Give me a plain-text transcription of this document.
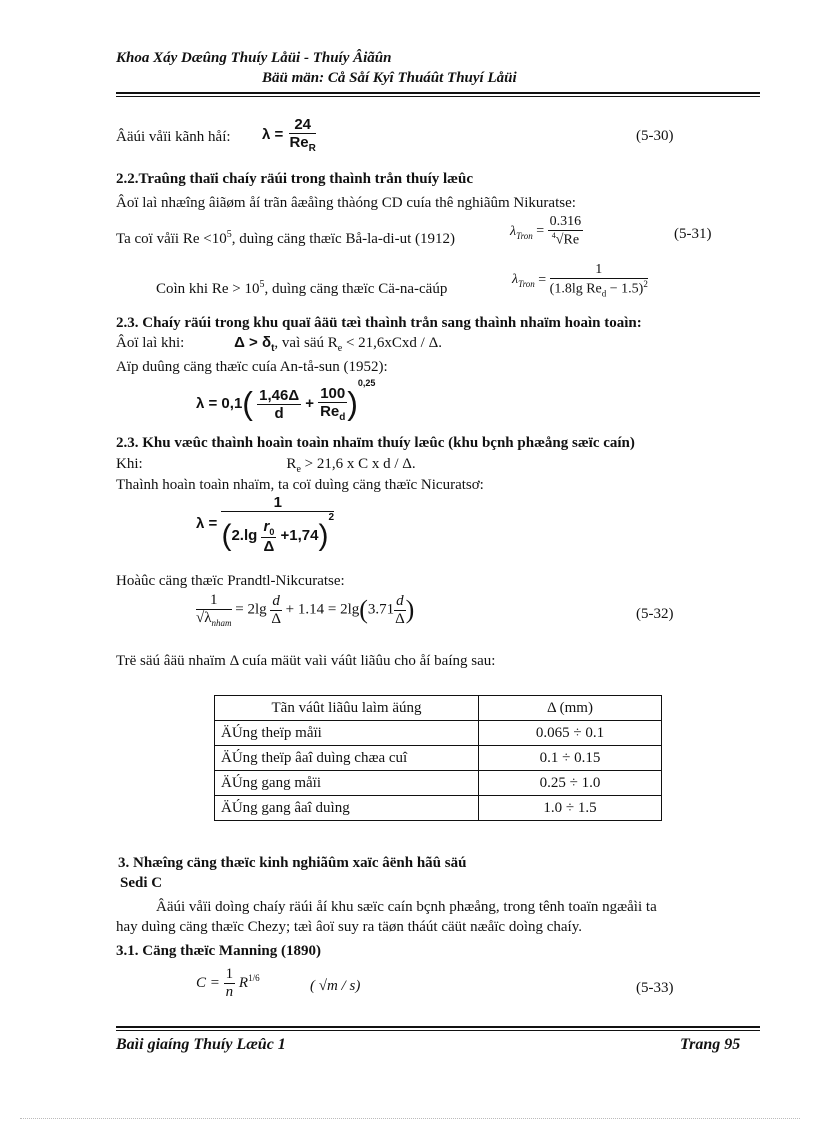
Khoa Xáy Dæûng Thuíy Låüi - Thuíy Âiãûn
Bäü män: Cå Såí Kyî Thuáût Thuyí Låüi
Âäúi våïi kãnh håí: $\lambda = \frac{24}{Re_R}$	(5-30)
2.2.Traûng thaïi chaíy räúi trong thaình trån thuíy læûc
Âoï laì nhæîng âiãøm åí trãn âæåìng thàóng CD cuía thê nghiãûm Nikuratse:
Ta coï våïi $Re <10^5$, duìng cäng thæïc Bå-la-di-ut (1912)	$\lambda_{Tron} = \frac{0.316}{^4√Re}$	(5-31)
Coìn khi $Re > 10^5$, duìng cäng thæïc Cä-na-cäúp
$\lambda_{Tron} = \frac{1}{(1.8\lg Re_d - 1.5)^2}$
2.3. Chaíy räúi trong khu quaï âäü tæì thaình trån sang thaình nhaïm hoaìn toaìn:
Âoï laì khi:	$\Delta > \delta_t$, vaì säú $R_e$ < 21,6xCxd / Δ.
Aïp duûng cäng thæïc cuía An-tå-sun (1952):
$\lambda = 0,1( \frac{1,46\Delta}{d} + \frac{100}{Re_d} )^{0,25}$
2.3. Khu væûc thaình hoaìn toaìn nhaïm thuíy læûc (khu bçnh phæång sæïc caín)
Khi:	$R_e > 21,6$ x C x d / Δ.
Thaình hoaìn toaìn nhaïm, ta coï duìng cäng thæïc Nicuratsơ:
$\lambda = \frac{1}{(2.\lg \frac{r_0}{\Delta} +1,74)^2}$
Hoàûc cäng thæïc Prandtl-Nikcuratse:
$\frac{1}{√\lambda_{nham}} = 2\lg \frac{d}{\Delta} + 1.14 = 2\lg(3.71 \frac{d}{\Delta}$ )	(5-32)
Trë säú âäü nhaïm Δ cuía mäüt vaìi váût liãûu cho åí baíng sau:
Tãn váût liãûu laìm äúng	Δ (mm)
ÄÚng theïp måïi	0.065 ÷ 0.1
ÄÚng theïp âaî duìng chæa cuî	0.1 ÷ 0.15
ÄÚng gang måïi	0.25 ÷ 1.0
ÄÚng gang âaî duìng	1.0 ÷ 1.5
3. Nhæîng cäng thæïc kinh nghiãûm xaïc âënh hãû säú
Sedi C
Âäúi våïi doìng chaíy räúi åí khu sæïc caín bçnh phæång, trong tênh toaïn ngæåìi ta
hay duìng cäng thæïc Chezy; tæì âoï suy ra täøn tháút cäüt næåïc doìng chaíy.
3.1. Cäng thæïc Manning (1890)
$C = \frac{1}{n} R^{1/6}$
( √m / s)	(5-33)
Baìi giaíng Thuíy Læûc 1	Trang 95
